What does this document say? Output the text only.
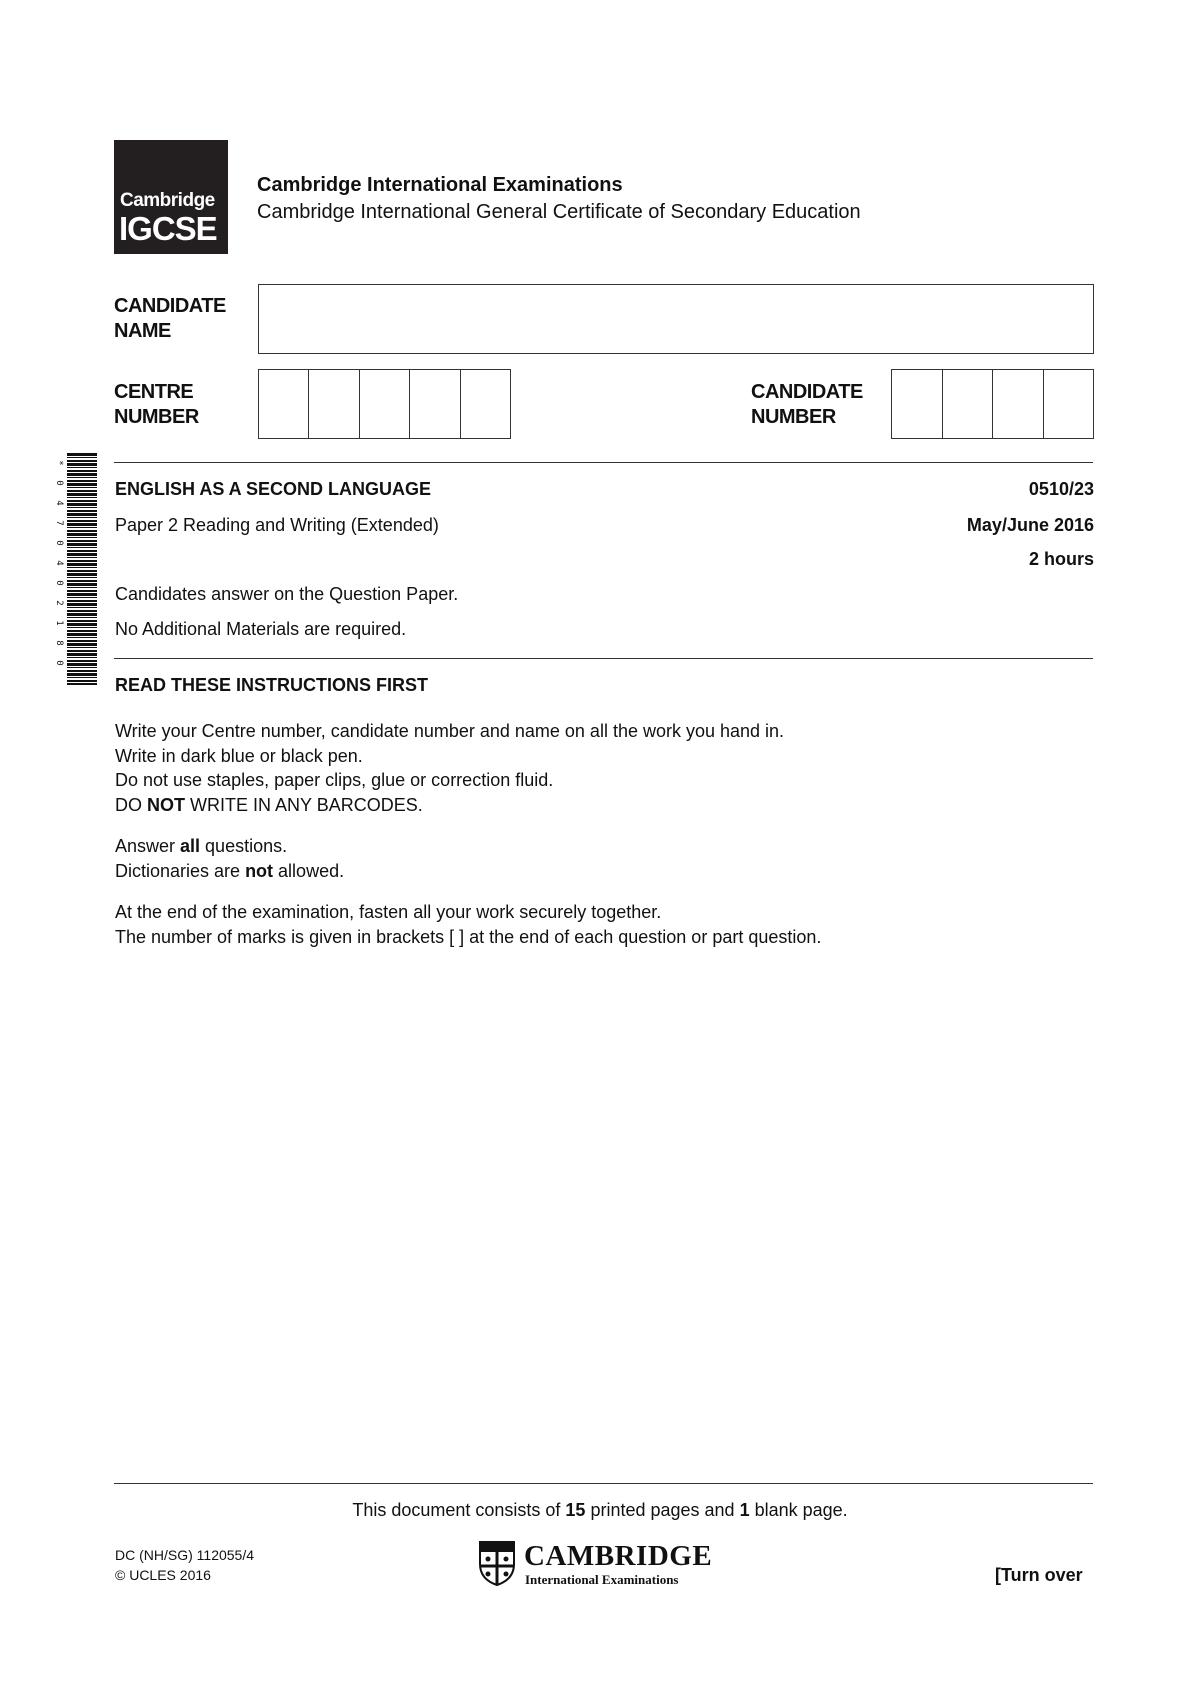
Cambridge
IGCSE
Cambridge International Examinations
Cambridge International General Certificate of Secondary Education
CANDIDATE
NAME
CENTRE
NUMBER
CANDIDATE
NUMBER
*
0
4
7
0
4
0
2
1
8
0
ENGLISH AS A SECOND LANGUAGE	0510/23
Paper 2 Reading and Writing (Extended)	May/June 2016
2 hours
Candidates answer on the Question Paper.
No Additional Materials are required.
READ THESE INSTRUCTIONS FIRST
Write your Centre number, candidate number and name on all the work you hand in.
Write in dark blue or black pen.
Do not use staples, paper clips, glue or correction fluid.
DO NOT WRITE IN ANY BARCODES.
Answer all questions.
Dictionaries are not allowed.
At the end of the examination, fasten all your work securely together.
The number of marks is given in brackets [ ] at the end of each question or part question.
This document consists of 15 printed pages and 1 blank page.
DC (NH/SG) 112055/4
© UCLES 2016
CAMBRIDGE
International Examinations	[Turn over
